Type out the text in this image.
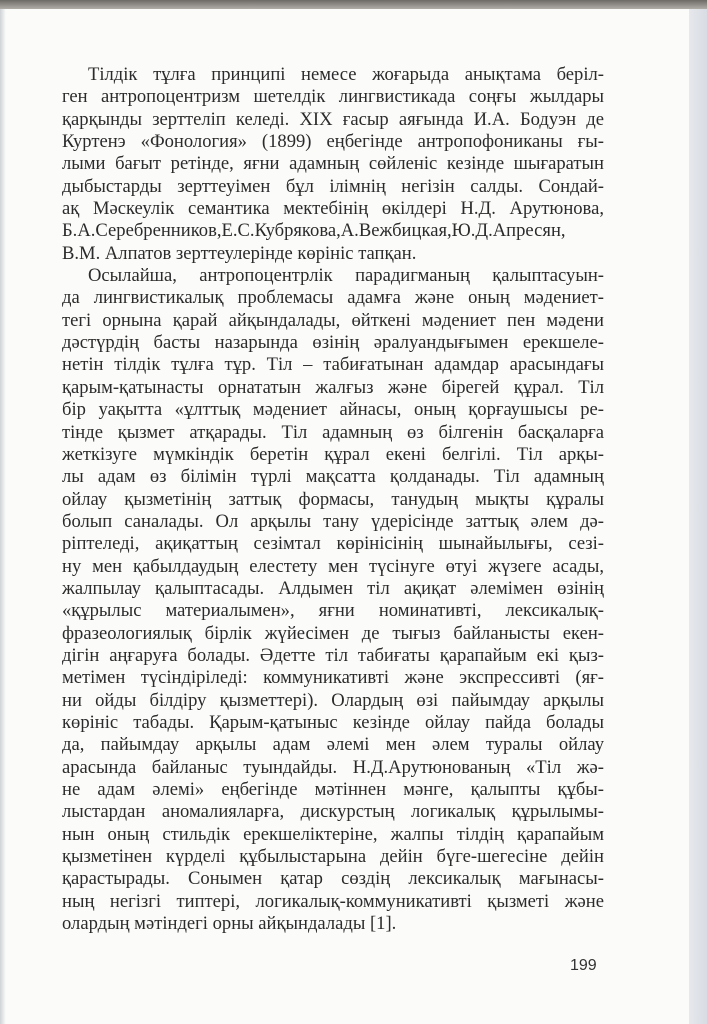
Тілдік тұлға принципі немесе жоғарыда анықтама беріл-
ген антропоцентризм шетелдік лингвистикада соңғы жылдары
қарқынды зерттеліп келеді. XIX ғасыр аяғында И.А. Бодуэн де
Куртенэ «Фонология» (1899) еңбегінде антропофониканы ғы-
лыми бағыт ретінде, яғни адамның сөйленіс кезінде шығаратын
дыбыстарды зерттеуімен бұл ілімнің негізін салды. Сондай-
ақ Мәскеулік семантика мектебінің өкілдері Н.Д. Арутюнова,
Б.А.Серебренников,Е.С.Кубрякова,А.Вежбицкая,Ю.Д.Апресян,
В.М. Алпатов зерттеулерінде көрініс тапқан.
Осылайша, антропоцентрлік парадигманың қалыптасуын-
да лингвистикалық проблемасы адамға және оның мәдениет-
тегі орнына қарай айқындалады, өйткені мәдениет пен мәдени
дәстүрдің басты назарында өзінің әралуандығымен ерекшеле-
нетін тілдік тұлға тұр. Тіл – табиғатынан адамдар арасындағы
қарым-қатынасты орнататын жалғыз және бірегей құрал. Тіл
бір уақытта «ұлттық мәдениет айнасы, оның қорғаушысы ре-
тінде қызмет атқарады. Тіл адамның өз білгенін басқаларға
жеткізуге мүмкіндік беретін құрал екені белгілі. Тіл арқы-
лы адам өз білімін түрлі мақсатта қолданады. Тіл адамның
ойлау қызметінің заттық формасы, танудың мықты құралы
болып саналады. Ол арқылы тану үдерісінде заттық әлем дә-
ріптеледі, ақиқаттың сезімтал көрінісінің шынайылығы, сезі-
ну мен қабылдаудың елестету мен түсінуге өтуі жүзеге асады,
жалпылау қалыптасады. Алдымен тіл ақиқат әлемімен өзінің
«құрылыс материалымен», яғни номинативті, лексикалық-
фразеологиялық бірлік жүйесімен де тығыз байланысты екен-
дігін аңғаруға болады. Әдетте тіл табиғаты қарапайым екі қыз-
метімен түсіндіріледі: коммуникативті және экспрессивті (яғ-
ни ойды білдіру қызметтері). Олардың өзі пайымдау арқылы
көрініс табады. Қарым-қатыныс кезінде ойлау пайда болады
да, пайымдау арқылы адам әлемі мен әлем туралы ойлау
арасында байланыс туындайды. Н.Д.Арутюнованың «Тіл жә-
не адам әлемі» еңбегінде мәтіннен мәнге, қалыпты құбы-
лыстардан аномалияларға, дискурстың логикалық құрылымы-
нын оның стильдік ерекшеліктеріне, жалпы тілдің қарапайым
қызметінен күрделі құбылыстарына дейін бүге-шегесіне дейін
қарастырады. Сонымен қатар сөздің лексикалық мағынасы-
ның негізгі типтері, логикалық-коммуникативті қызметі және
олардың мәтіндегі орны айқындалады [1].
199
